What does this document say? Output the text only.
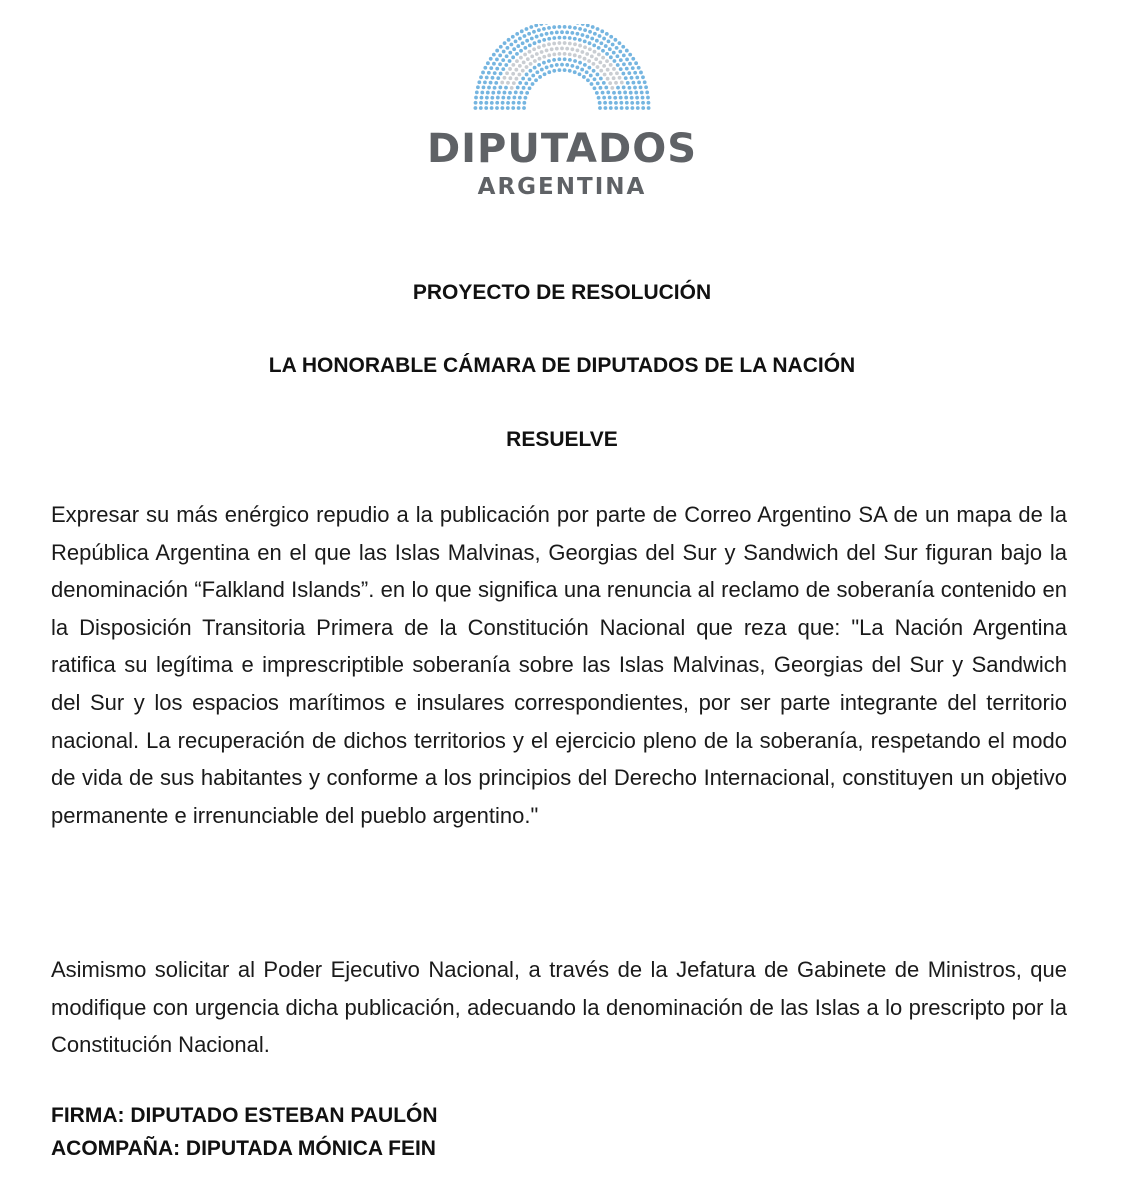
DIPUTADOS
ARGENTINA
PROYECTO DE RESOLUCIÓN
LA HONORABLE CÁMARA DE DIPUTADOS DE LA NACIÓN
RESUELVE

Expresar su más enérgico repudio a la publicación por parte de Correo Argentino SA de un mapa de la República Argentina en el que las Islas Malvinas, Georgias del Sur y Sandwich del Sur figuran bajo la denominación “Falkland Islands”. en lo que significa una renuncia al reclamo de soberanía contenido en la Disposición Transitoria Primera de la Constitución Nacional que reza que: "La Nación Argentina ratifica su legítima e imprescriptible soberanía sobre las Islas Malvinas, Georgias del Sur y Sandwich del Sur y los espacios marítimos e insulares correspondientes, por ser parte integrante del territorio nacional. La recuperación de dichos territorios y el ejercicio pleno de la soberanía, respetando el modo de vida de sus habitantes y conforme a los principios del Derecho Internacional, constituyen un objetivo permanente e irrenunciable del pueblo argentino."

Asimismo solicitar al Poder Ejecutivo Nacional, a través de la Jefatura de Gabinete de Ministros, que modifique con urgencia dicha publicación, adecuando la denominación de las Islas a lo prescripto por la Constitución Nacional.

FIRMA: DIPUTADO ESTEBAN PAULÓN
ACOMPAÑA: DIPUTADA MÓNICA FEIN
